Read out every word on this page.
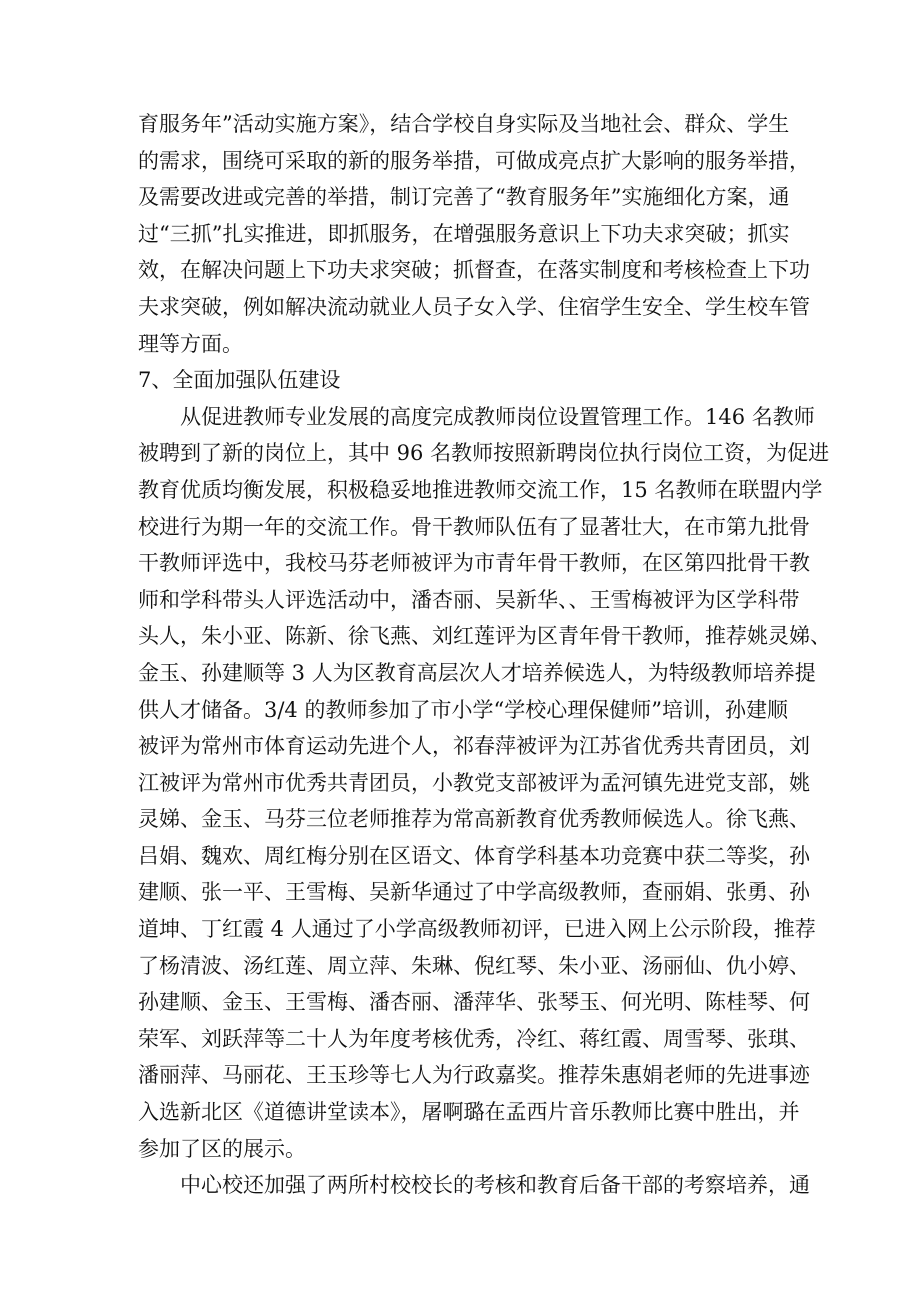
育服务年”活动实施方案》，结合学校自身实际及当地社会、群众、学生
的需求，围绕可采取的新的服务举措，可做成亮点扩大影响的服务举措，
及需要改进或完善的举措，制订完善了“教育服务年”实施细化方案，通
过“三抓”扎实推进，即抓服务，在增强服务意识上下功夫求突破；抓实
效，在解决问题上下功夫求突破；抓督查，在落实制度和考核检查上下功
夫求突破，例如解决流动就业人员子女入学、住宿学生安全、学生校车管
理等方面。
7、全面加强队伍建设
从促进教师专业发展的高度完成教师岗位设置管理工作。146 名教师
被聘到了新的岗位上，其中 96 名教师按照新聘岗位执行岗位工资，为促进
教育优质均衡发展，积极稳妥地推进教师交流工作，15 名教师在联盟内学
校进行为期一年的交流工作。骨干教师队伍有了显著壮大，在市第九批骨
干教师评选中，我校马芬老师被评为市青年骨干教师，在区第四批骨干教
师和学科带头人评选活动中，潘杏丽、吴新华、、王雪梅被评为区学科带
头人，朱小亚、陈新、徐飞燕、刘红莲评为区青年骨干教师，推荐姚灵娣、
金玉、孙建顺等 3 人为区教育高层次人才培养候选人，为特级教师培养提
供人才储备。3/4 的教师参加了市小学“学校心理保健师”培训，孙建顺
被评为常州市体育运动先进个人，祁春萍被评为江苏省优秀共青团员，刘
江被评为常州市优秀共青团员，小教党支部被评为孟河镇先进党支部，姚
灵娣、金玉、马芬三位老师推荐为常高新教育优秀教师候选人。徐飞燕、
吕娟、魏欢、周红梅分别在区语文、体育学科基本功竞赛中获二等奖，孙
建顺、张一平、王雪梅、吴新华通过了中学高级教师，查丽娟、张勇、孙
道坤、丁红霞 4 人通过了小学高级教师初评，已进入网上公示阶段，推荐
了杨清波、汤红莲、周立萍、朱琳、倪红琴、朱小亚、汤丽仙、仇小婷、
孙建顺、金玉、王雪梅、潘杏丽、潘萍华、张琴玉、何光明、陈桂琴、何
荣军、刘跃萍等二十人为年度考核优秀，冷红、蒋红霞、周雪琴、张琪、
潘丽萍、马丽花、王玉珍等七人为行政嘉奖。推荐朱惠娟老师的先进事迹
入选新北区《道德讲堂读本》，屠啊璐在孟西片音乐教师比赛中胜出，并
参加了区的展示。
中心校还加强了两所村校校长的考核和教育后备干部的考察培养，通
